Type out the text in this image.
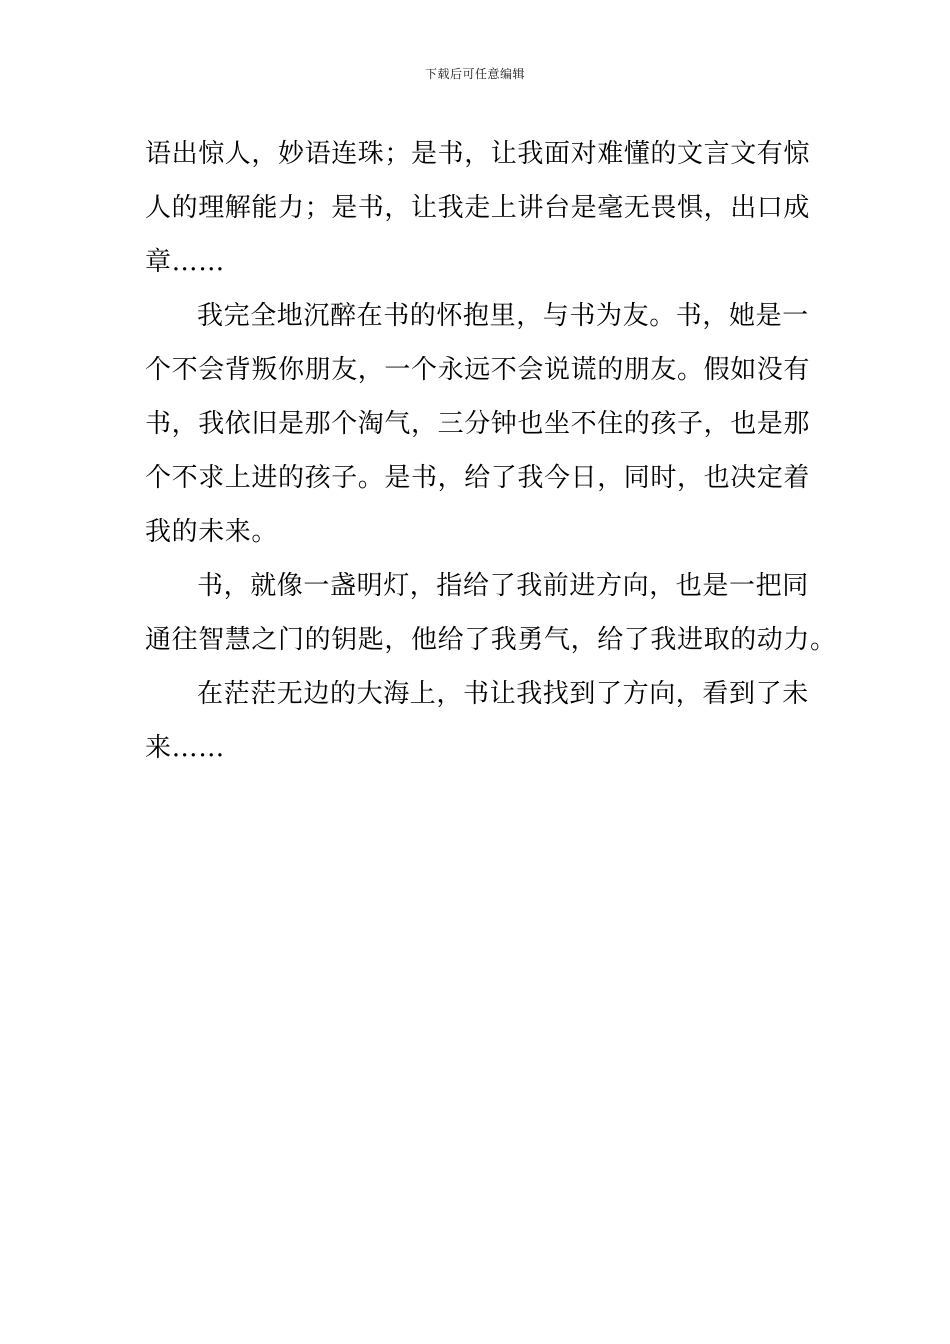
下载后可任意编辑
语出惊人，妙语连珠；是书，让我面对难懂的文言文有惊
人的理解能力；是书，让我走上讲台是毫无畏惧，出口成
章……
我完全地沉醉在书的怀抱里，与书为友。书，她是一
个不会背叛你朋友，一个永远不会说谎的朋友。假如没有
书，我依旧是那个淘气，三分钟也坐不住的孩子，也是那
个不求上进的孩子。是书，给了我今日，同时，也决定着
我的未来。
书，就像一盏明灯，指给了我前进方向，也是一把同
通往智慧之门的钥匙，他给了我勇气，给了我进取的动力。
在茫茫无边的大海上，书让我找到了方向，看到了未
来……
